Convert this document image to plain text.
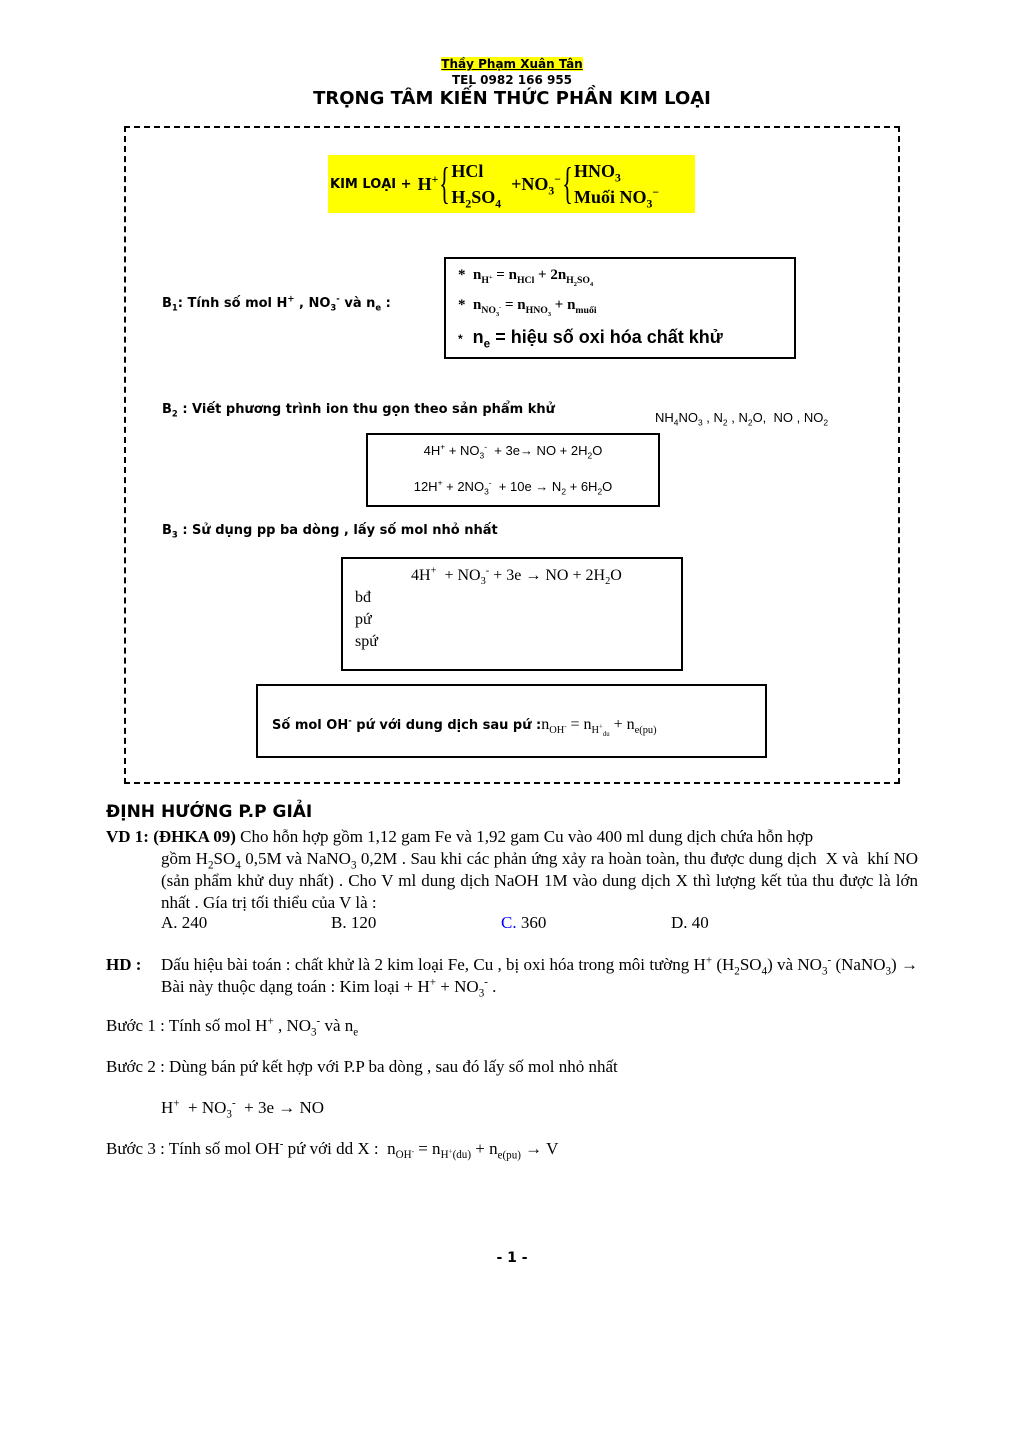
Thầy Phạm Xuân Tân
TEL 0982 166 955
TRỌNG TÂM KIẾN THỨC PHẦN KIM LOẠI
KIM LOẠI + H+ { HCl
$H_2SO_4$
$+NO_3^-$ { $HNO_3$
Muối $NO_3^-$
$B_1$: Tính số mol H+ , $NO_3^-$ và $n_e$ :
*  $n_{H^+} = n_{HCl} + 2n_{H_2SO_4}$
*  $n_{NO_3^-} = n_{HNO_3} + n_{muối}$
*  $n_e$ = hiệu số oxi hóa chất khử
$B_2$ : Viết phương trình ion thu gọn theo sản phẩm khử
$NH_4NO_3$ , $N_2$ , $N_2O$,  NO , $NO_2$
$4H^+ + NO_3^- + 3e\to$ NO + $2H_2O$
$12H^+ + 2NO_3^- + 10e \to N_2 + 6H_2O$
$B_3$ : Sử dụng pp ba dòng , lấy số mol nhỏ nhất
$4H^+ + NO_3^- + 3e$ → NO + $2H_2O$
bđ
pứ
spứ
Số mol OH- pứ với dung dịch sau pứ $:n_{OH^-} = n_{H^+_{du}} + n_{e(pu)}$
ĐỊNH HƯỚNG P.P GIẢI
VD 1: (ĐHKA 09) Cho hỗn hợp gồm 1,12 gam Fe và 1,92 gam Cu vào 400 ml dung dịch chứa hỗn hợp
gồm $H_2SO_4$ 0,5M và NaNO$_3$ 0,2M . Sau khi các phản ứng xảy ra hoàn toàn, thu được dung dịch  X và  khí NO (sản phẩm khử duy nhất) . Cho V ml dung dịch NaOH 1M vào dung dịch X thì lượng kết tủa thu được là lớn nhất . Gía trị tối thiểu của V là :
A. 240	B. 120	C. 360	D. 40
HD :	Dấu hiệu bài toán : chất khử là 2 kim loại Fe, Cu , bị oxi hóa trong môi tường H+ $(H_2SO_4)$ và $NO_3^-$ (NaNO$_3$) → Bài này thuộc dạng toán : Kim loại + $H^+ + NO_3^-$ .
Bước 1 : Tính số mol H+ , $NO_3^-$ và $n_e$
Bước 2 : Dùng bán pứ kết hợp với P.P ba dòng , sau đó lấy số mol nhỏ nhất
$H^+ + NO_3^- + 3e$ → NO
Bước 3 : Tính số mol OH- pứ với dd X :  $n_{OH^-} = n_{H^+(du)} + n_{e(pu)} \to V$
- 1 -
